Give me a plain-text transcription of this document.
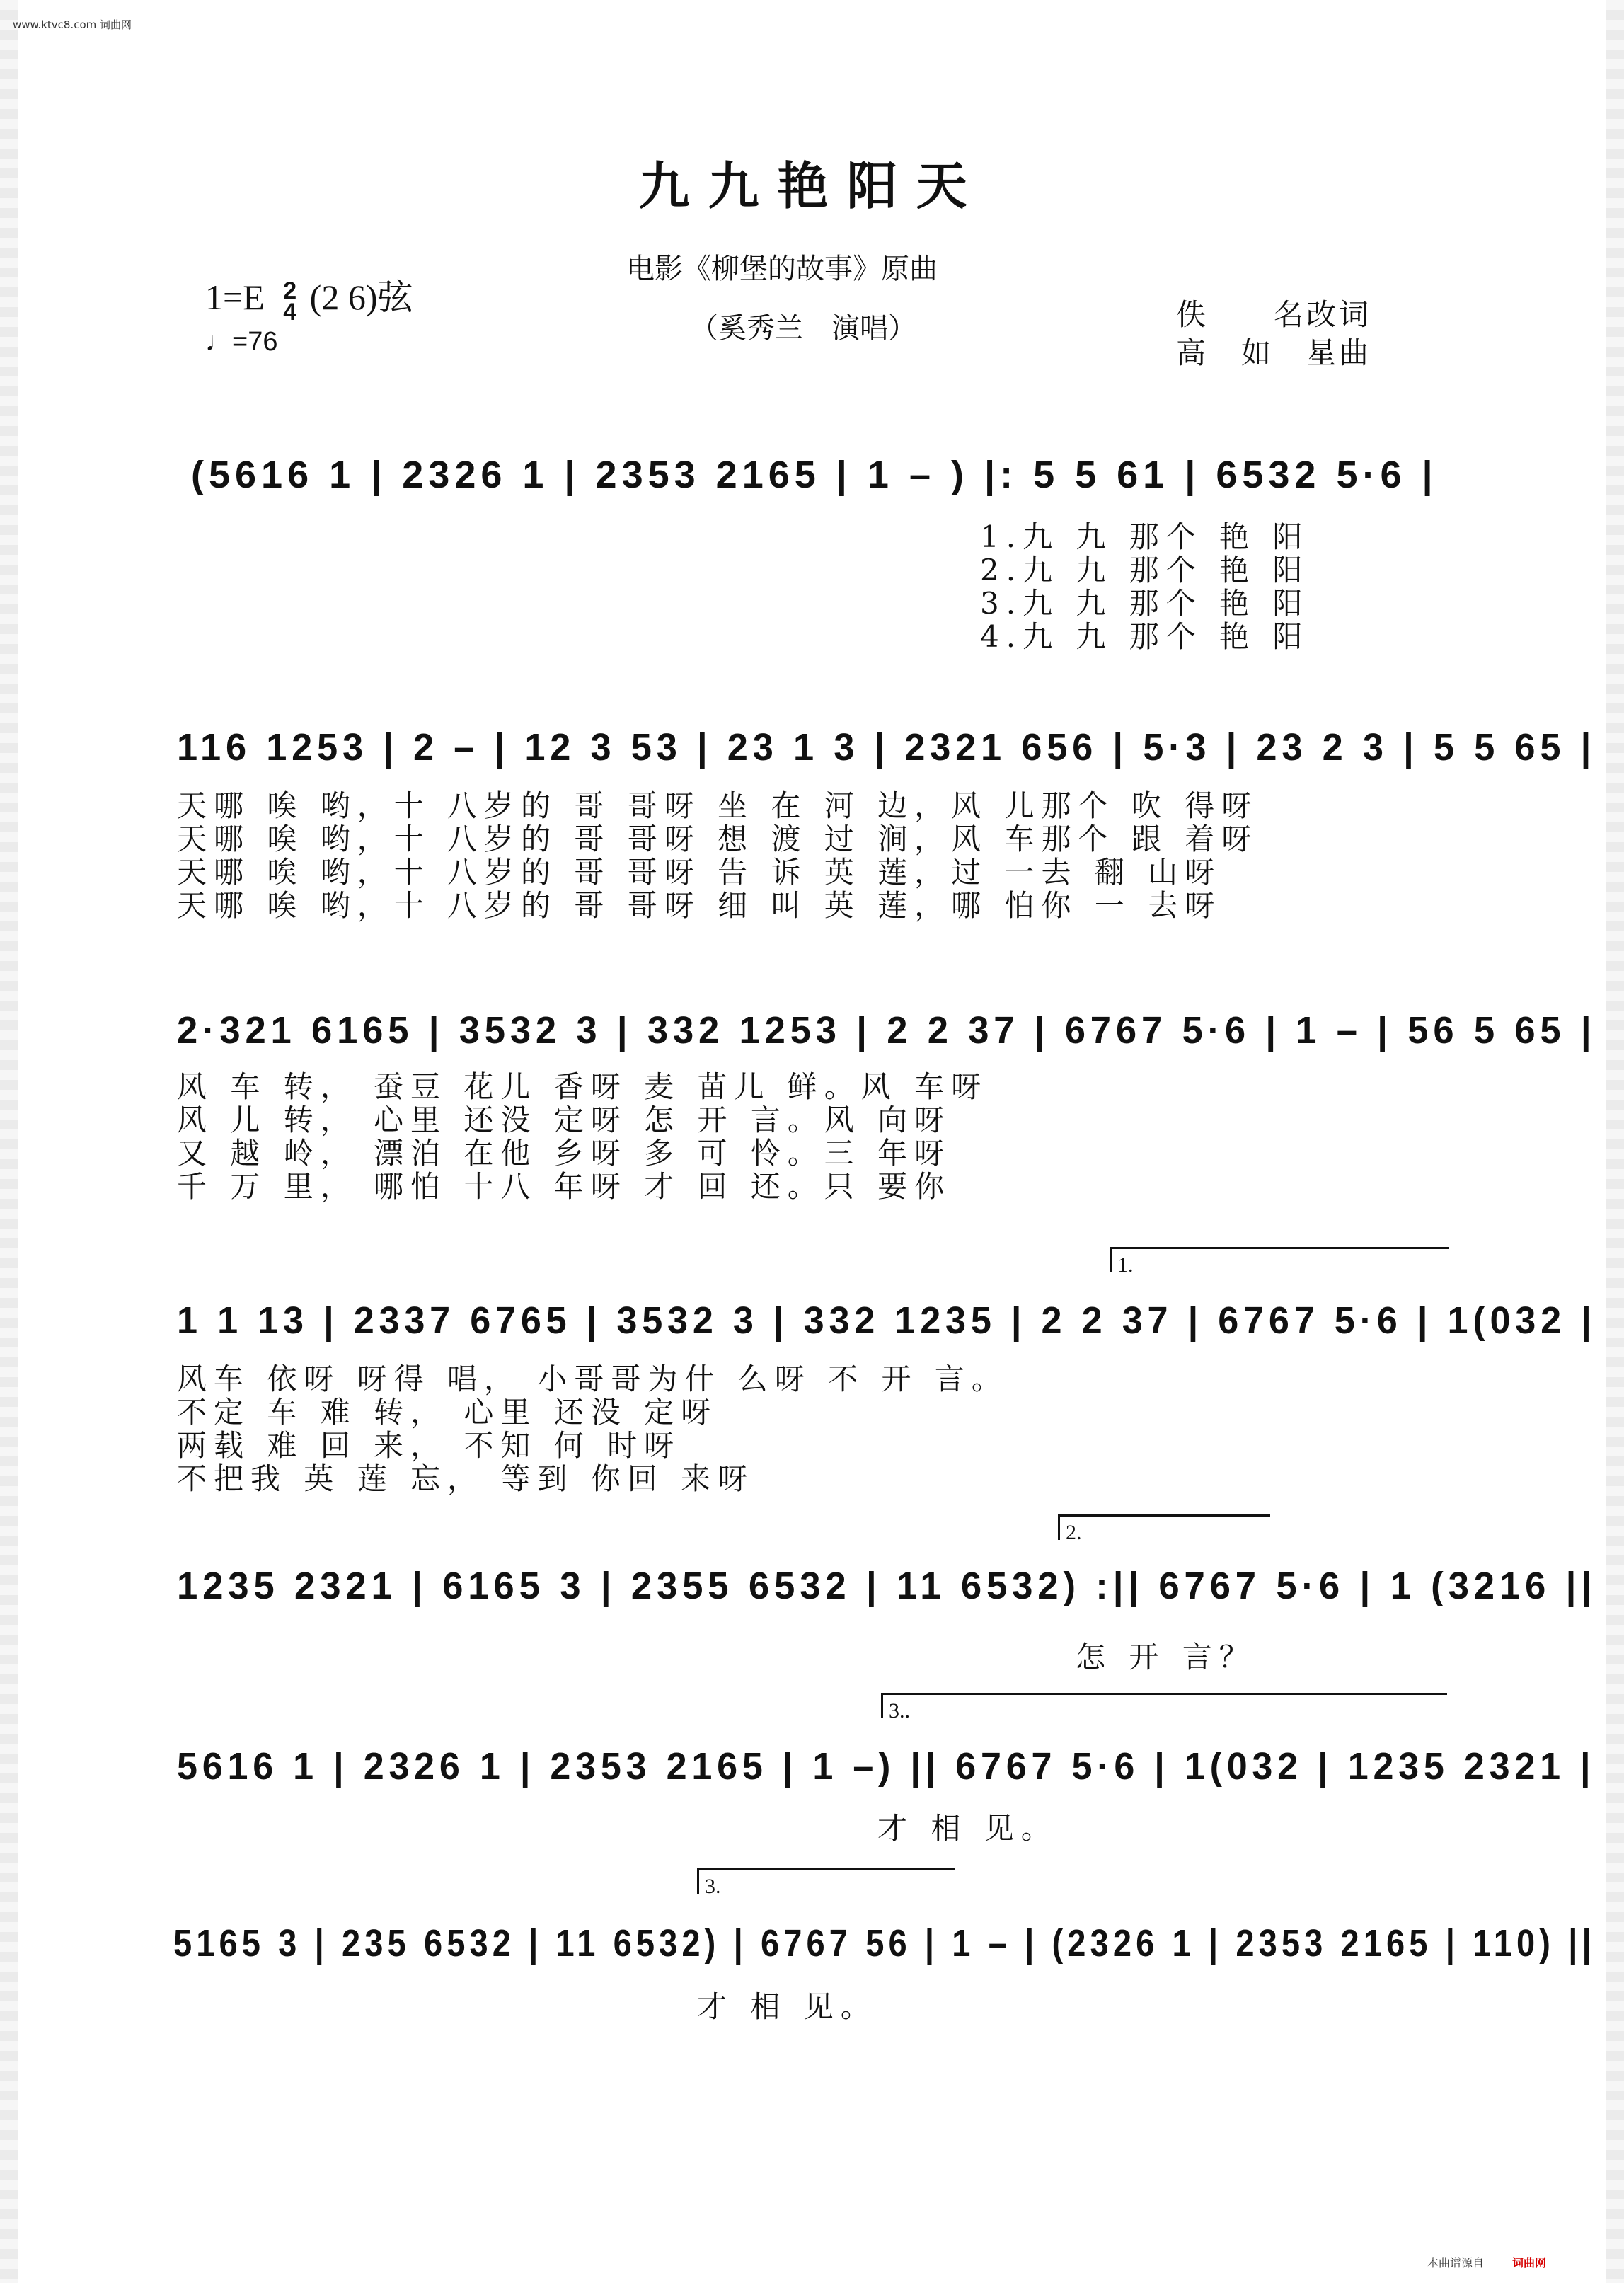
www.ktvc8.com 词曲网
九九艳阳天
电影《柳堡的故事》原曲
（奚秀兰　演唱）
1=E 2
4 (2 6)弦
♩=76
佚　　名改词
高　如　星曲
(5616 1 | 2326 1 | 2353 2165 | 1 – ) |: 5 5 61 | 6532 5·6 |
1.九 九 那个 艳 阳
2.九 九 那个 艳 阳
3.九 九 那个 艳 阳
4.九 九 那个 艳 阳
116 1253 | 2 – | 12 3 53 | 23 1 3 | 2321 656 | 5·3 | 23 2 3 | 5 5 65 |
天哪 唉 哟，十 八岁的 哥 哥呀 坐 在 河 边，风 儿那个 吹 得呀
天哪 唉 哟，十 八岁的 哥 哥呀 想 渡 过 涧，风 车那个 跟 着呀
天哪 唉 哟，十 八岁的 哥 哥呀 告 诉 英 莲，过 一去 翻 山呀
天哪 唉 哟，十 八岁的 哥 哥呀 细 叫 英 莲，哪 怕你 一 去呀
2·321 6165 | 3532 3 | 332 1253 | 2 2 37 | 6767 5·6 | 1 – | 56 5 65 |
风 车 转， 蚕豆 花儿 香呀 麦 苗儿 鲜。风 车呀
风 儿 转， 心里 还没 定呀 怎 开 言。风 向呀
又 越 岭， 漂泊 在他 乡呀 多 可 怜。三 年呀
千 万 里， 哪怕 十八 年呀 才 回 还。只 要你
1.
1 1 13 | 2337 6765 | 3532 3 | 332 1235 | 2 2 37 | 6767 5·6 | 1(032 |
风车 依呀 呀得 唱， 小哥哥为什 么呀 不 开 言。
不定 车 难 转， 心里 还没 定呀
两载 难 回 来， 不知 何 时呀
不把我 英 莲 忘， 等到 你回 来呀
2.
1235 2321 | 6165 3 | 2355 6532 | 11 6532) :|| 6767 5·6 | 1 (3216 ||
怎 开 言？
3..
5616 1 | 2326 1 | 2353 2165 | 1 –) || 6767 5·6 | 1(032 | 1235 2321 |
才 相 见。
3.
5165 3 | 235 6532 | 11 6532) | 6767 56 | 1 – | (2326 1 | 2353 2165 | 110) ||
才 相 见。
本曲谱源自	词曲网
